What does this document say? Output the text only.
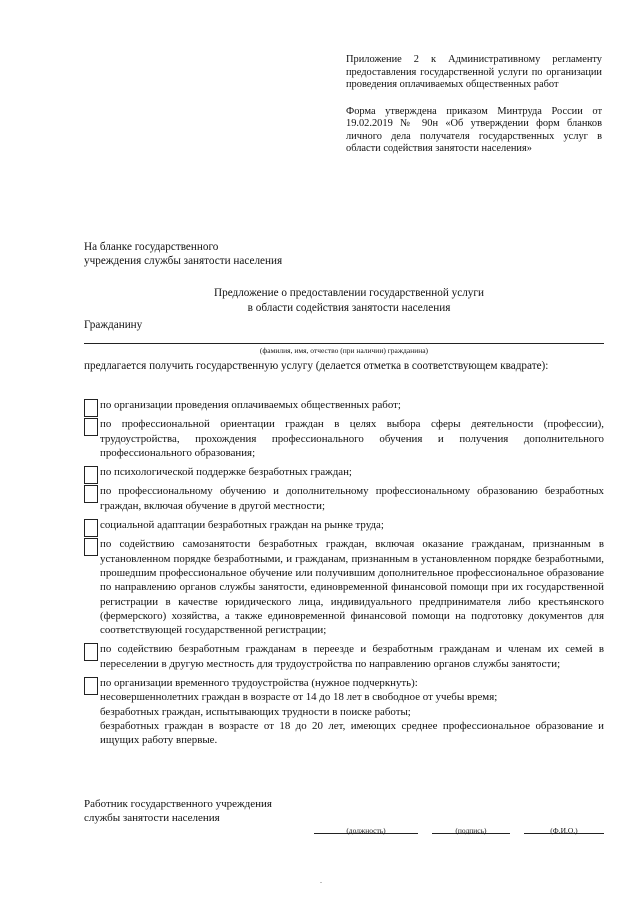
Приложение 2 к Административному регламенту предоставления государственной услуги по организации проведения оплачиваемых общественных работ

Форма утверждена приказом Минтруда России от 19.02.2019 № 90н «Об утверждении форм бланков личного дела получателя государственных услуг в области содействия занятости населения»

На бланке государственного
учреждения службы занятости населения
Предложение о предоставлении государственной услуги
в области содействия занятости населения
Гражданину
(фамилия, имя, отчество (при наличии) гражданина)
предлагается получить государственную услугу (делается отметка в соответствующем квадрате):
по организации проведения оплачиваемых общественных работ;
по профессиональной ориентации граждан в целях выбора сферы деятельности (профессии), трудоустройства, прохождения профессионального обучения и получения дополнительного профессионального образования;
по психологической поддержке безработных граждан;
по профессиональному обучению и дополнительному профессиональному образованию безработных граждан, включая обучение в другой местности;
социальной адаптации безработных граждан на рынке труда;
по содействию самозанятости безработных граждан, включая оказание гражданам, признанным в установленном порядке безработными, и гражданам, признанным в установленном порядке безработными, прошедшим профессиональное обучение или получившим дополнительное профессиональное образование по направлению органов службы занятости, единовременной финансовой помощи при их государственной регистрации в качестве юридического лица, индивидуального предпринимателя либо крестьянского (фермерского) хозяйства, а также единовременной финансовой помощи на подготовку документов для соответствующей государственной регистрации;
по содействию безработным гражданам в переезде и безработным гражданам и членам их семей в переселении в другую местность для трудоустройства по направлению органов службы занятости;

по организации временного трудоустройства (нужное подчеркнуть):

несовершеннолетних граждан в возрасте от 14 до 18 лет в свободное от учебы время;

безработных граждан, испытывающих трудности в поиске работы;

безработных граждан в возрасте от 18 до 20 лет, имеющих среднее профессиональное образование и ищущих работу впервые.

Работник государственного учреждения
службы занятости населения
(должность)	(подпись)	(Ф.И.О.)
.
